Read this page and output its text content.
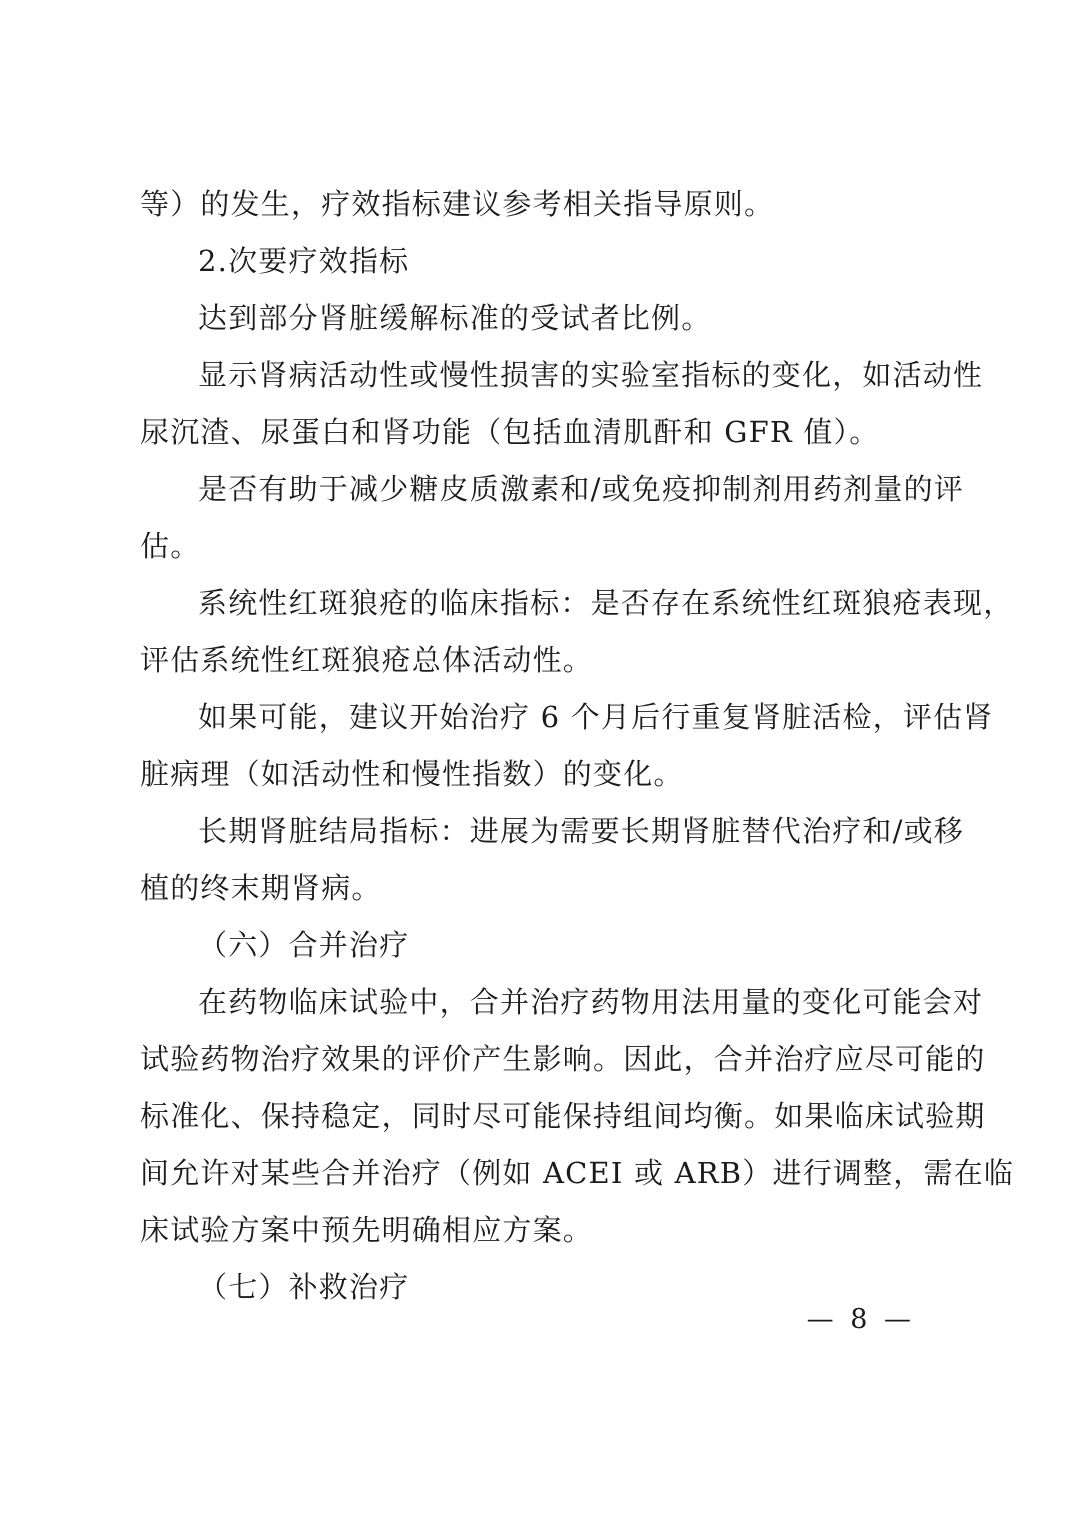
等）的发生，疗效指标建议参考相关指导原则。
2.次要疗效指标
达到部分肾脏缓解标准的受试者比例。
显示肾病活动性或慢性损害的实验室指标的变化，如活动性
尿沉渣、尿蛋白和肾功能（包括血清肌酐和 GFR 值）。
是否有助于减少糖皮质激素和/或免疫抑制剂用药剂量的评
估。
系统性红斑狼疮的临床指标：是否存在系统性红斑狼疮表现，
评估系统性红斑狼疮总体活动性。
如果可能，建议开始治疗 6 个月后行重复肾脏活检，评估肾
脏病理（如活动性和慢性指数）的变化。
长期肾脏结局指标：进展为需要长期肾脏替代治疗和/或移
植的终末期肾病。
（六）合并治疗
在药物临床试验中，合并治疗药物用法用量的变化可能会对
试验药物治疗效果的评价产生影响。因此，合并治疗应尽可能的
标准化、保持稳定，同时尽可能保持组间均衡。如果临床试验期
间允许对某些合并治疗（例如 ACEI 或 ARB）进行调整，需在临
床试验方案中预先明确相应方案。
（七）补救治疗
— 8 —
